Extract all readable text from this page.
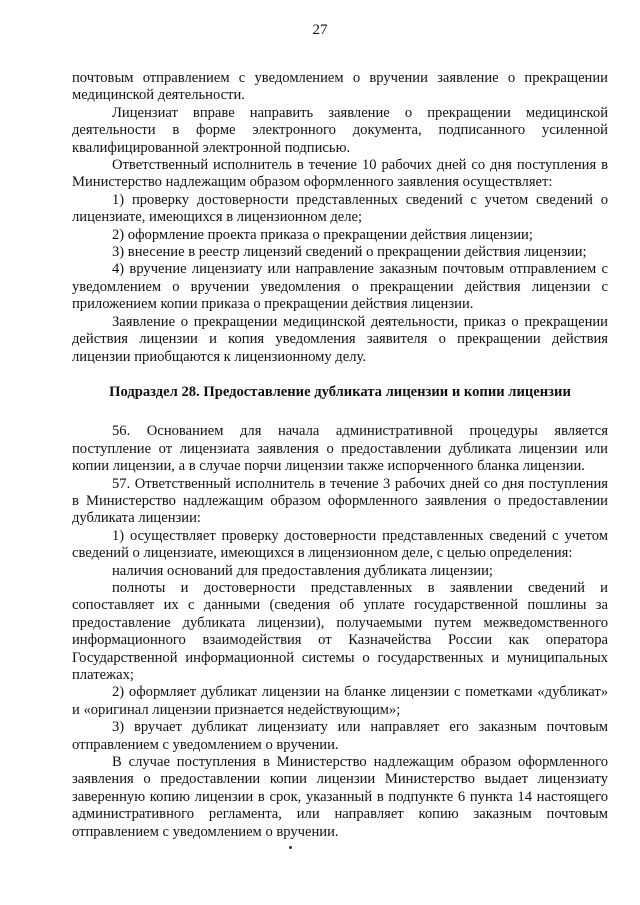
27

почтовым отправлением с уведомлением о вручении заявление о прекращении медицинской деятельности.

Лицензиат вправе направить заявление о прекращении медицинской деятельности в форме электронного документа, подписанного усиленной квалифицированной электронной подписью.

Ответственный исполнитель в течение 10 рабочих дней со дня поступления в Министерство надлежащим образом оформленного заявления осуществляет:

1) проверку достоверности представленных сведений с учетом сведений о лицензиате, имеющихся в лицензионном деле;

2) оформление проекта приказа о прекращении действия лицензии;

3) внесение в реестр лицензий сведений о прекращении действия лицензии;

4) вручение лицензиату или направление заказным почтовым отправлением с уведомлением о вручении уведомления о прекращении действия лицензии с приложением копии приказа о прекращении действия лицензии.

Заявление о прекращении медицинской деятельности, приказ о прекращении действия лицензии и копия уведомления заявителя о прекращении действия лицензии приобщаются к лицензионному делу.

Подраздел 28. Предоставление дубликата лицензии и копии лицензии

56. Основанием для начала административной процедуры является поступление от лицензиата заявления о предоставлении дубликата лицензии или копии лицензии, а в случае порчи лицензии также испорченного бланка лицензии.

57. Ответственный исполнитель в течение 3 рабочих дней со дня поступления в Министерство надлежащим образом оформленного заявления о предоставлении дубликата лицензии:

1) осуществляет проверку достоверности представленных сведений с учетом сведений о лицензиате, имеющихся в лицензионном деле, с целью определения:

наличия оснований для предоставления дубликата лицензии;

полноты и достоверности представленных в заявлении сведений и сопоставляет их с данными (сведения об уплате государственной пошлины за предоставление дубликата лицензии), получаемыми путем межведомственного информационного взаимодействия от Казначейства России как оператора Государственной информационной системы о государственных и муниципальных платежах;

2) оформляет дубликат лицензии на бланке лицензии с пометками «дубликат» и «оригинал лицензии признается недействующим»;

3) вручает дубликат лицензиату или направляет его заказным почтовым отправлением с уведомлением о вручении.

В случае поступления в Министерство надлежащим образом оформленного заявления о предоставлении копии лицензии Министерство выдает лицензиату заверенную копию лицензии в срок, указанный в подпункте 6 пункта 14 настоящего административного регламента, или направляет копию заказным почтовым отправлением с уведомлением о вручении.
